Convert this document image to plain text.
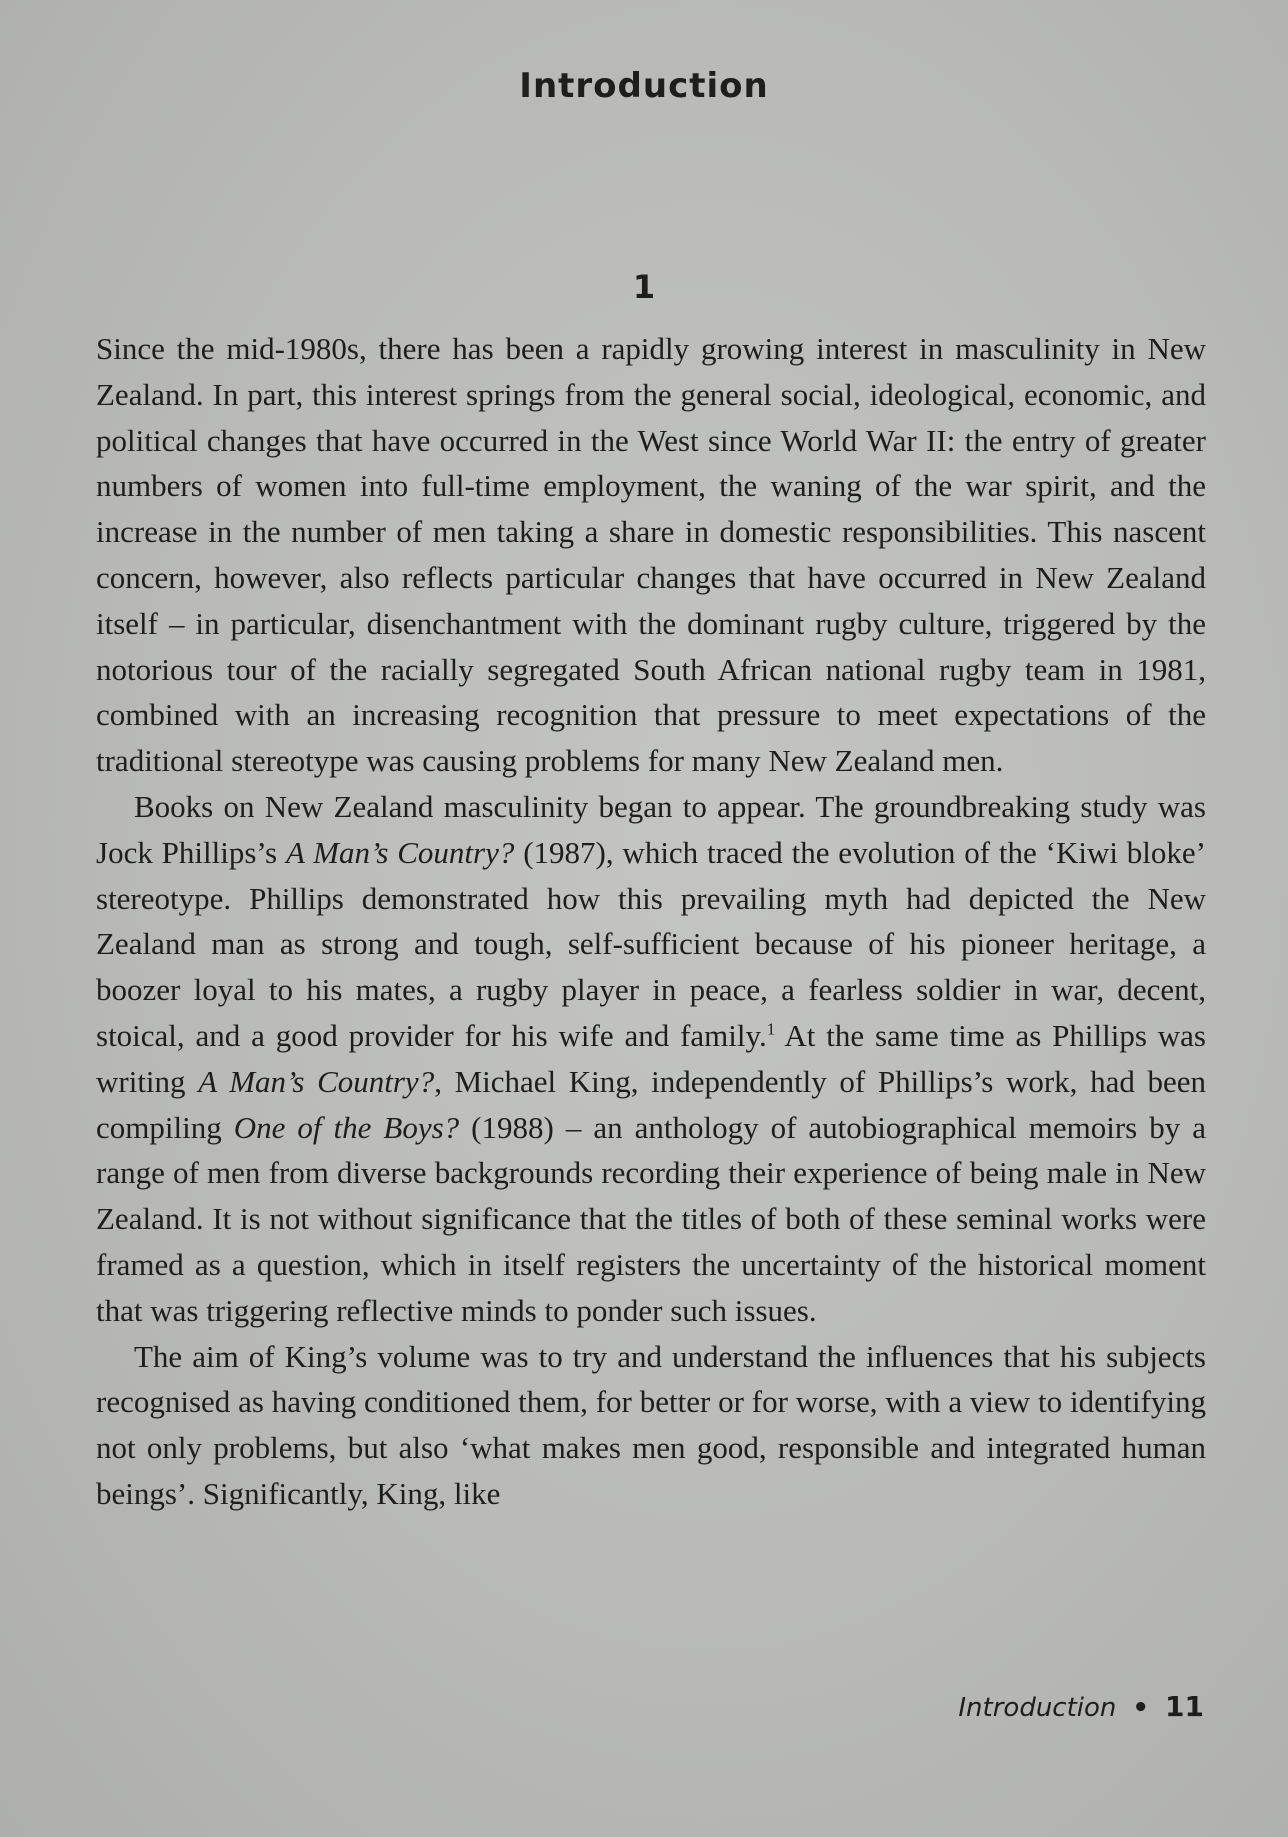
Introduction
1

Since the mid-1980s, there has been a rapidly growing interest in masculinity in New Zealand. In part, this interest springs from the general social, ideological, economic, and political changes that have occurred in the West since World War II: the entry of greater numbers of women into full-time employment, the waning of the war spirit, and the increase in the number of men taking a share in domestic responsibilities. This nascent concern, however, also reflects particular changes that have occurred in New Zealand itself – in particular, disenchantment with the dominant rugby culture, triggered by the notorious tour of the racially segregated South African national rugby team in 1981, combined with an increasing recognition that pressure to meet expectations of the traditional stereotype was causing problems for many New Zealand men.

Books on New Zealand masculinity began to appear. The groundbreaking study was Jock Phillips’s A Man’s Country? (1987), which traced the evolution of the ‘Kiwi bloke’ stereotype. Phillips demonstrated how this prevailing myth had depicted the New Zealand man as strong and tough, self-sufficient because of his pioneer heritage, a boozer loyal to his mates, a rugby player in peace, a fearless soldier in war, decent, stoical, and a good provider for his wife and family.$^1$ At the same time as Phillips was writing A Man’s Country?, Michael King, independently of Phillips’s work, had been compiling One of the Boys? (1988) – an anthology of autobiographical memoirs by a range of men from diverse backgrounds recording their experience of being male in New Zealand. It is not without significance that the titles of both of these seminal works were framed as a question, which in itself registers the uncertainty of the historical moment that was triggering reflective minds to ponder such issues.

The aim of King’s volume was to try and understand the influences that his subjects recognised as having conditioned them, for better or for worse, with a view to identifying not only problems, but also ‘what makes men good, responsible and integrated human beings’. Significantly, King, like

Introduction • 11
